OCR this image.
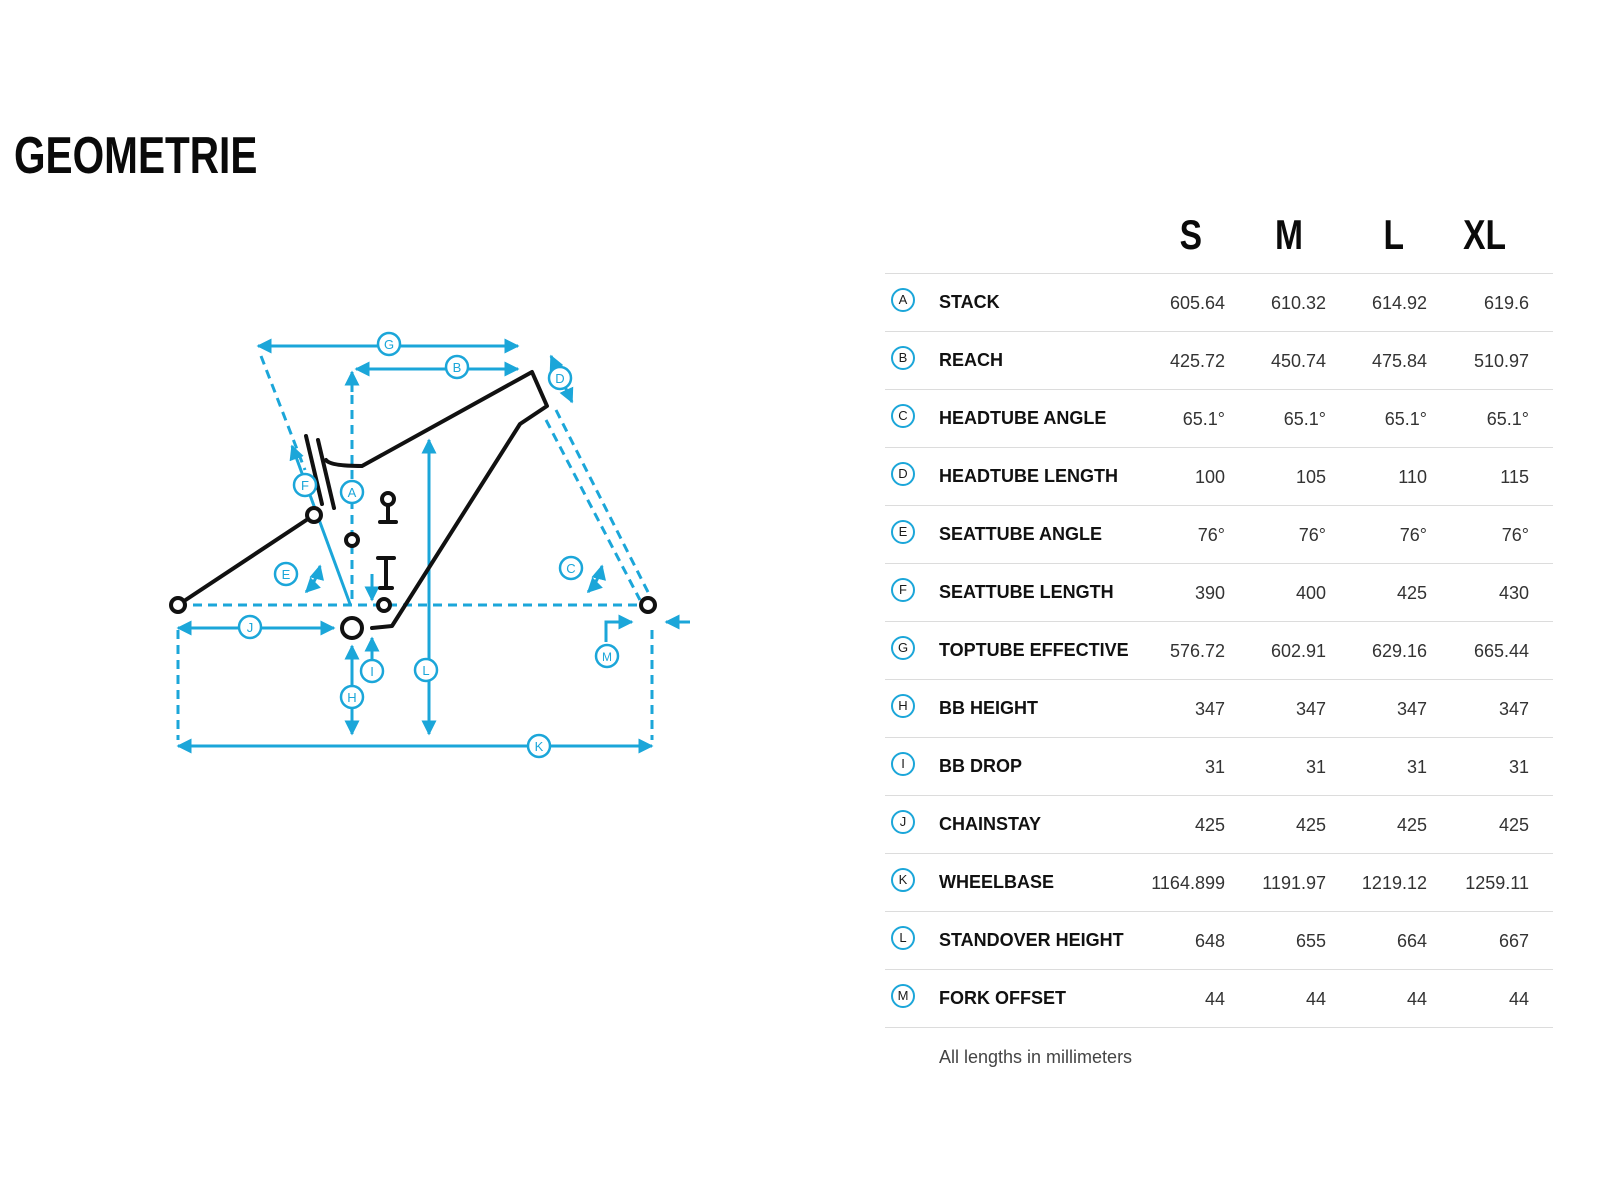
GEOMETRIE
A
B
C
D
E
F
G
H
I
J
K
L
M
S	M	L	XL
A	STACK	605.64	610.32	614.92	619.6
B	REACH	425.72	450.74	475.84	510.97
C	HEADTUBE ANGLE	65.1°	65.1°	65.1°	65.1°
D	HEADTUBE LENGTH	100	105	110	115
E	SEATTUBE ANGLE	76°	76°	76°	76°
F	SEATTUBE LENGTH	390	400	425	430
G	TOPTUBE EFFECTIVE	576.72	602.91	629.16	665.44
H	BB HEIGHT	347	347	347	347
I	BB DROP	31	31	31	31
J	CHAINSTAY	425	425	425	425
K	WHEELBASE	1164.899	1191.97	1219.12	1259.11
L	STANDOVER HEIGHT	648	655	664	667
M	FORK OFFSET	44	44	44	44
All lengths in millimeters
